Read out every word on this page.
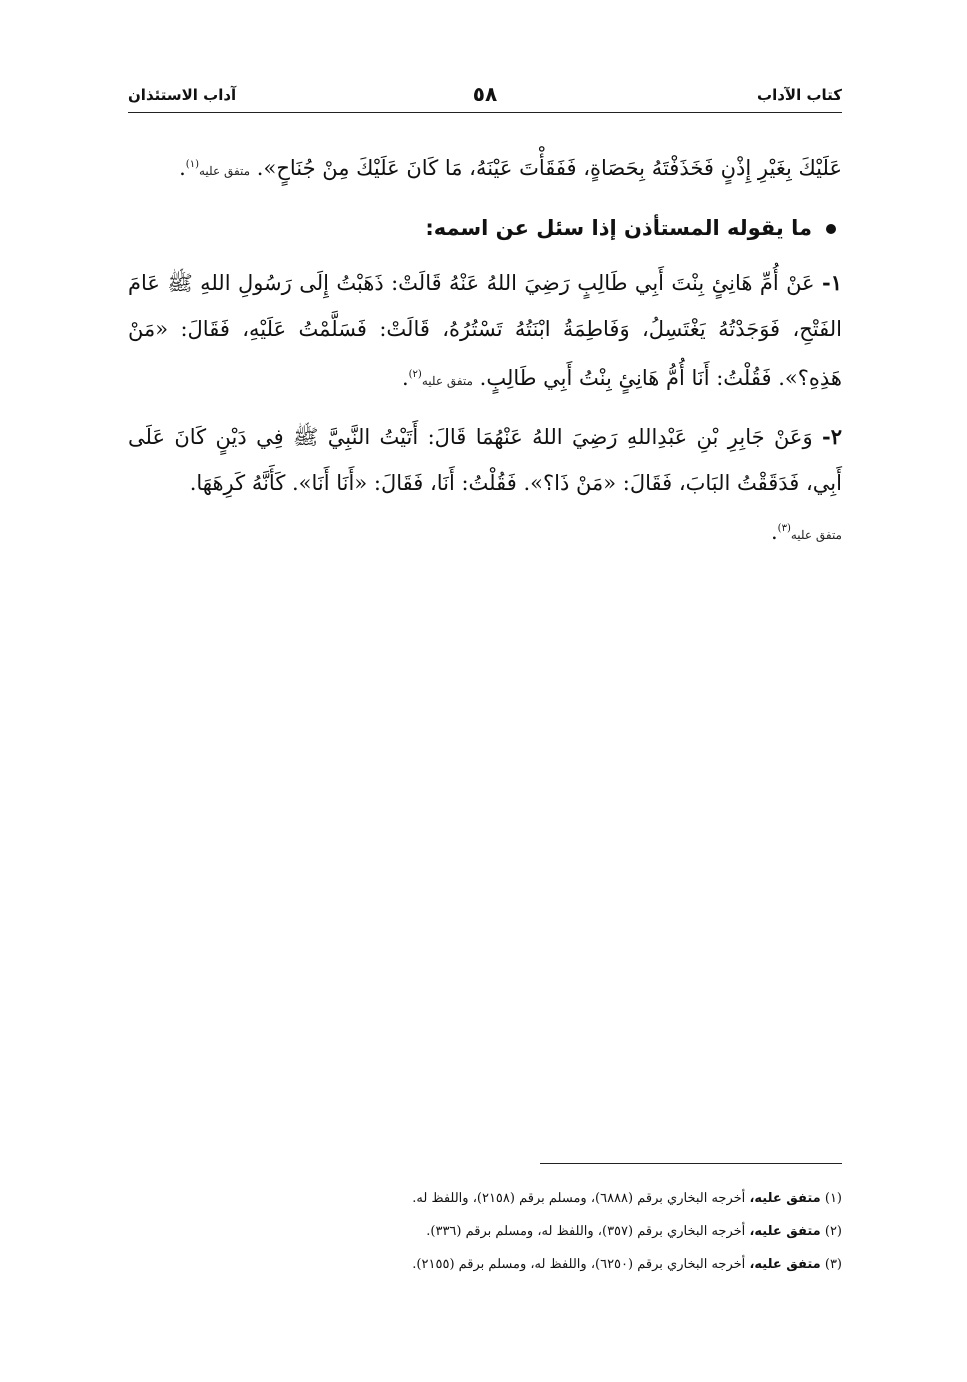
كتاب الآداب
٥٨
آداب الاستئذان

عَلَيْكَ بِغَيْرِ إِذْنٍ فَخَذَفْتَهُ بِحَصَاةٍ، فَفَقَأْتَ عَيْنَهُ، مَا كَانَ عَلَيْكَ مِنْ جُنَاحٍ». متفق عليه$^{(١)}$.

ما يقوله المستأذن إذا سئل عن اسمه:

١- عَنْ أُمِّ هَانِئٍ بِنْتَ أَبِي طَالِبٍ رَضِيَ اللهُ عَنْهُ قَالَتْ: ذَهَبْتُ إِلَى رَسُولِ اللهِ ﷺ عَامَ الفَتْحِ، فَوَجَدْتُهُ يَغْتَسِلُ، وَفَاطِمَةُ ابْنَتُهُ تَسْتُرُهُ، قَالَتْ: فَسَلَّمْتُ عَلَيْهِ، فَقَالَ: «مَنْ هَذِهِ؟». فَقُلْتُ: أَنَا أُمُّ هَانِئٍ بِنْتُ أَبِي طَالِبٍ. متفق عليه$^{(٢)}$.

٢- وَعَنْ جَابِرِ بْنِ عَبْدِاللهِ رَضِيَ اللهُ عَنْهُمَا قَالَ: أَتَيْتُ النَّبِيَّ ﷺ فِي دَيْنٍ كَانَ عَلَى أَبِي، فَدَقَقْتُ البَابَ، فَقَالَ: «مَنْ ذَا؟». فَقُلْتُ: أَنَا، فَقَالَ: «أَنَا أَنَا». كَأَنَّهُ كَرِهَهَا.
متفق عليه$^{(٣)}$.

(١) متفق عليه، أخرجه البخاري برقم (٦٨٨٨)، ومسلم برقم (٢١٥٨)، واللفظ له.
(٢) متفق عليه، أخرجه البخاري برقم (٣٥٧)، واللفظ له، ومسلم برقم (٣٣٦).
(٣) متفق عليه، أخرجه البخاري برقم (٦٢٥٠)، واللفظ له، ومسلم برقم (٢١٥٥).
